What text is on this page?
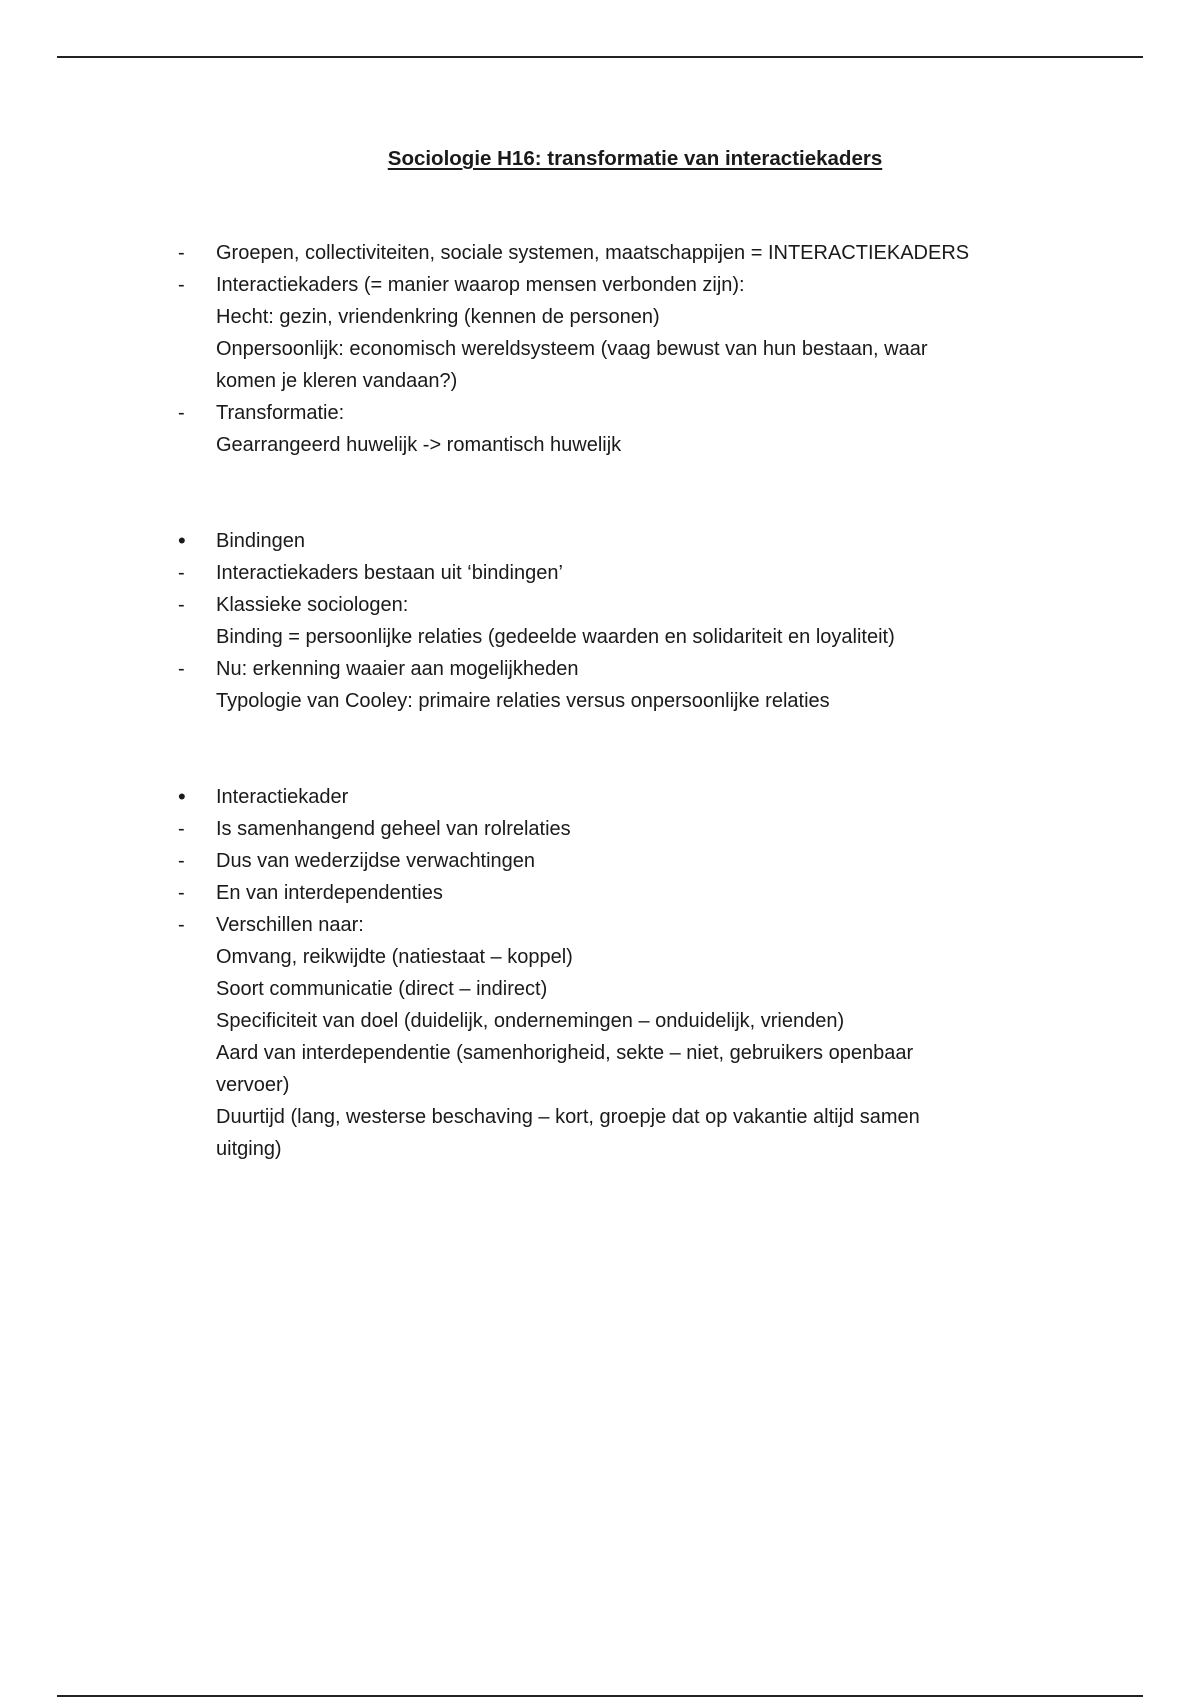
Sociologie H16: transformatie van interactiekaders
-	Groepen, collectiviteiten, sociale systemen, maatschappijen = INTERACTIEKADERS
-	Interactiekaders (= manier waarop mensen verbonden zijn):
Hecht: gezin, vriendenkring (kennen de personen)
Onpersoonlijk: economisch wereldsysteem (vaag bewust van hun bestaan, waar
komen je kleren vandaan?)
-	Transformatie:
Gearrangeerd huwelijk -> romantisch huwelijk
•	Bindingen
-	Interactiekaders bestaan uit ‘bindingen’
-	Klassieke sociologen:
Binding = persoonlijke relaties (gedeelde waarden en solidariteit en loyaliteit)
-	Nu: erkenning waaier aan mogelijkheden
Typologie van Cooley: primaire relaties versus onpersoonlijke relaties
•	Interactiekader
-	Is samenhangend geheel van rolrelaties
-	Dus van wederzijdse verwachtingen
-	En van interdependenties
-	Verschillen naar:
Omvang, reikwijdte (natiestaat – koppel)
Soort communicatie (direct – indirect)
Specificiteit van doel (duidelijk, ondernemingen – onduidelijk, vrienden)
Aard van interdependentie (samenhorigheid, sekte – niet, gebruikers openbaar
vervoer)
Duurtijd (lang, westerse beschaving – kort, groepje dat op vakantie altijd samen
uitging)
